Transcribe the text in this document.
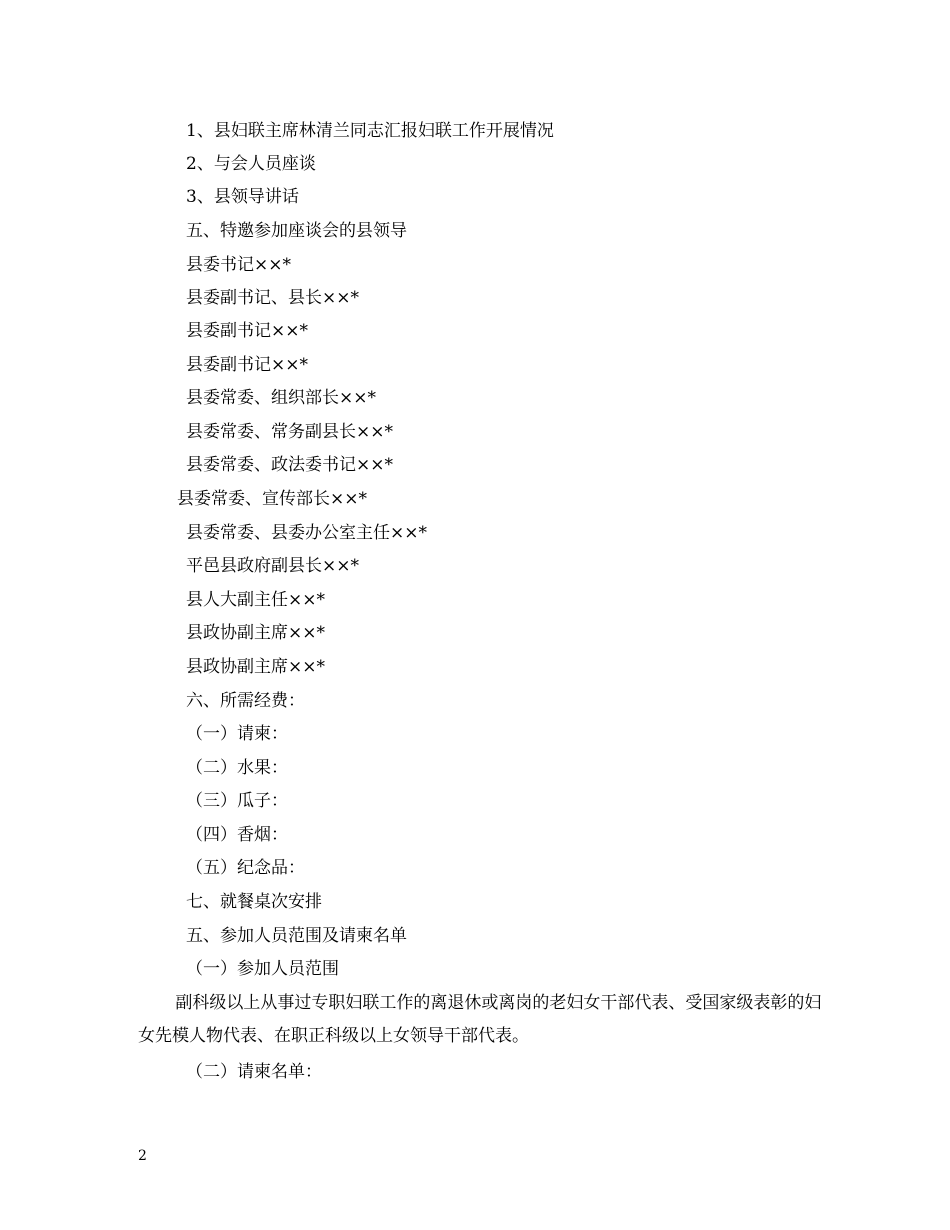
1、县妇联主席林清兰同志汇报妇联工作开展情况
2、与会人员座谈
3、县领导讲话
五、特邀参加座谈会的县领导
县委书记××*
县委副书记、县长××*
县委副书记××*
县委副书记××*
县委常委、组织部长××*
县委常委、常务副县长××*
县委常委、政法委书记××*
县委常委、宣传部长××*
县委常委、县委办公室主任××*
平邑县政府副县长××*
县人大副主任××*
县政协副主席××*
县政协副主席××*
六、所需经费：
（一）请柬：
（二）水果：
（三）瓜子：
（四）香烟：
（五）纪念品：
七、就餐桌次安排
五、参加人员范围及请柬名单
（一）参加人员范围
副科级以上从事过专职妇联工作的离退休或离岗的老妇女干部代表、受国家级表彰的妇女先模人物代表、在职正科级以上女领导干部代表。
（二）请柬名单：
2
